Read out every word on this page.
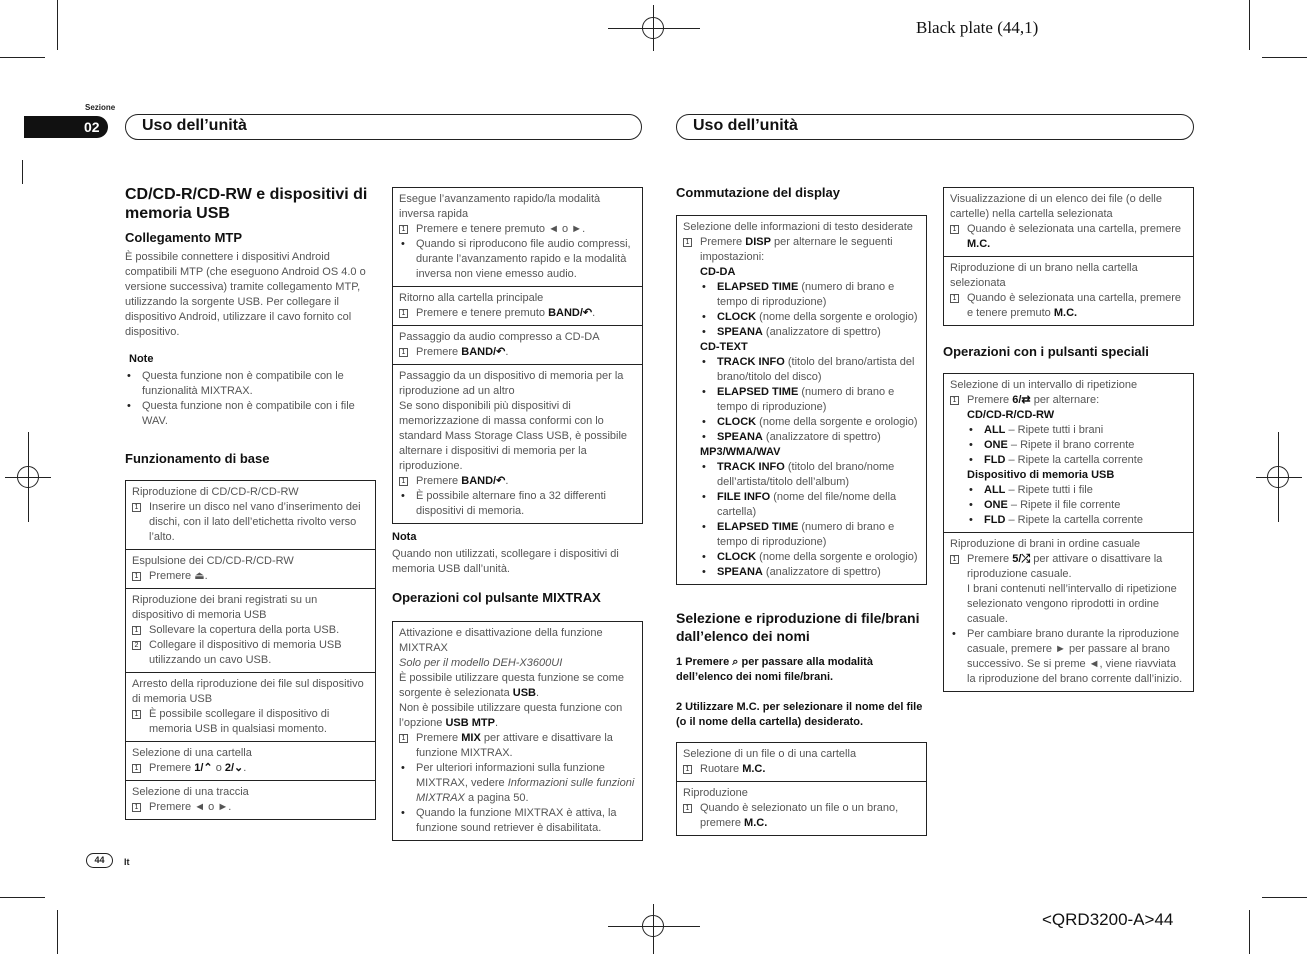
Black plate (44,1)
Sezione
02	Uso dell’unità	Uso dell’unità
CD/CD-R/CD-RW e dispositivi di memoria USB
Collegamento MTP

È possibile connettere i dispositivi Android compatibili MTP (che eseguono Android OS 4.0 o versione successiva) tramite collegamento MTP, utilizzando la sorgente USB. Per collegare il dispositivo Android, utilizzare il cavo fornito col dispositivo.

Note
• Questa funzione non è compatibile con le funzionalità MIXTRAX.
• Questa funzione non è compatibile con i file WAV.
Funzionamento di base
Riproduzione di CD/CD-R/CD-RW
1 Inserire un disco nel vano d’inserimento dei dischi, con il lato dell’etichetta rivolto verso l’alto.
Espulsione dei CD/CD-R/CD-RW
1 Premere ⏏.
Riproduzione dei brani registrati su un dispositivo di memoria USB
1 Sollevare la copertura della porta USB.
2 Collegare il dispositivo di memoria USB utilizzando un cavo USB.
Arresto della riproduzione dei file sul dispositivo di memoria USB
1 È possibile scollegare il dispositivo di memoria USB in qualsiasi momento.
Selezione di una cartella
1 Premere 1/⌃ o 2/⌄.
Selezione di una traccia
1 Premere ◄ o ►.
Esegue l’avanzamento rapido/la modalità inversa rapida
1 Premere e tenere premuto ◄ o ►.
• Quando si riproducono file audio compressi, durante l’avanzamento rapido e la modalità inversa non viene emesso audio.
Ritorno alla cartella principale
1 Premere e tenere premuto BAND/↶.
Passaggio da audio compresso a CD-DA
1 Premere BAND/↶.
Passaggio da un dispositivo di memoria per la riproduzione ad un altro
Se sono disponibili più dispositivi di memorizzazione di massa conformi con lo standard Mass Storage Class USB, è possibile alternare i dispositivi di memoria per la riproduzione.
1 Premere BAND/↶.
• È possibile alternare fino a 32 differenti dispositivi di memoria.
Nota

Quando non utilizzati, scollegare i dispositivi di memoria USB dall’unità.

Operazioni col pulsante MIXTRAX
Attivazione e disattivazione della funzione MIXTRAX
Solo per il modello DEH-X3600UI
È possibile utilizzare questa funzione se come sorgente è selezionata USB.
Non è possibile utilizzare questa funzione con l’opzione USB MTP.
1 Premere MIX per attivare e disattivare la funzione MIXTRAX.
• Per ulteriori informazioni sulla funzione MIXTRAX, vedere Informazioni sulle funzioni MIXTRAX a pagina 50.
• Quando la funzione MIXTRAX è attiva, la funzione sound retriever è disabilitata.
Commutazione del display
Selezione delle informazioni di testo desiderate
1 Premere DISP per alternare le seguenti impostazioni:
CD-DA
• ELAPSED TIME (numero di brano e tempo di riproduzione)
• CLOCK (nome della sorgente e orologio)
• SPEANA (analizzatore di spettro)
CD-TEXT
• TRACK INFO (titolo del brano/artista del brano/titolo del disco)
• ELAPSED TIME (numero di brano e tempo di riproduzione)
• CLOCK (nome della sorgente e orologio)
• SPEANA (analizzatore di spettro)
MP3/WMA/WAV
• TRACK INFO (titolo del brano/nome dell’artista/titolo dell’album)
• FILE INFO (nome del file/nome della cartella)
• ELAPSED TIME (numero di brano e tempo di riproduzione)
• CLOCK (nome della sorgente e orologio)
• SPEANA (analizzatore di spettro)
Selezione e riproduzione di file/brani dall’elenco dei nomi
1 Premere ⌕ per passare alla modalità dell’elenco dei nomi file/brani.
2 Utilizzare M.C. per selezionare il nome del file (o il nome della cartella) desiderato.
Selezione di un file o di una cartella
1 Ruotare M.C.
Riproduzione
1 Quando è selezionato un file o un brano, premere M.C.
Visualizzazione di un elenco dei file (o delle cartelle) nella cartella selezionata
1 Quando è selezionata una cartella, premere M.C.
Riproduzione di un brano nella cartella selezionata
1 Quando è selezionata una cartella, premere e tenere premuto M.C.
Operazioni con i pulsanti speciali
Selezione di un intervallo di ripetizione
1 Premere 6/⇄ per alternare:
CD/CD-R/CD-RW
• ALL – Ripete tutti i brani
• ONE – Ripete il brano corrente
• FLD – Ripete la cartella corrente
Dispositivo di memoria USB
• ALL – Ripete tutti i file
• ONE – Ripete il file corrente
• FLD – Ripete la cartella corrente
Riproduzione di brani in ordine casuale
1 Premere 5/⤮ per attivare o disattivare la riproduzione casuale.
I brani contenuti nell’intervallo di ripetizione selezionato vengono riprodotti in ordine casuale.
• Per cambiare brano durante la riproduzione casuale, premere ► per passare al brano successivo. Se si preme ◄, viene riavviata la riproduzione del brano corrente dall’inizio.
44	It
<QRD3200-A>44
